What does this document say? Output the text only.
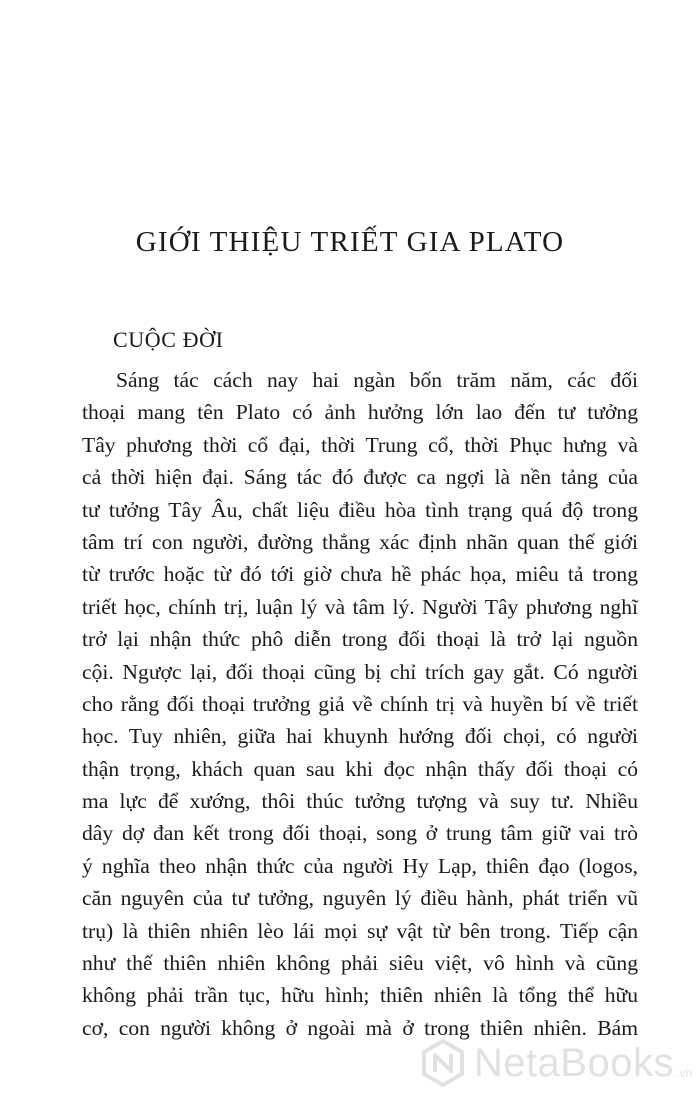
GIỚI THIỆU TRIẾT GIA PLATO
CUỘC ĐỜI
Sáng tác cách nay hai ngàn bốn trăm năm, các đối
thoại mang tên Plato có ảnh hưởng lớn lao đến tư tưởng
Tây phương thời cổ đại, thời Trung cổ, thời Phục hưng và
cả thời hiện đại. Sáng tác đó được ca ngợi là nền tảng của
tư tưởng Tây Âu, chất liệu điều hòa tình trạng quá độ trong
tâm trí con người, đường thẳng xác định nhãn quan thế giới
từ trước hoặc từ đó tới giờ chưa hề phác họa, miêu tả trong
triết học, chính trị, luận lý và tâm lý. Người Tây phương nghĩ
trở lại nhận thức phô diễn trong đối thoại là trở lại nguồn
cội. Ngược lại, đối thoại cũng bị chỉ trích gay gắt. Có người
cho rằng đối thoại trưởng giả về chính trị và huyền bí về triết
học. Tuy nhiên, giữa hai khuynh hướng đối chọi, có người
thận trọng, khách quan sau khi đọc nhận thấy đối thoại có
ma lực để xướng, thôi thúc tưởng tượng và suy tư. Nhiều
dây dợ đan kết trong đối thoại, song ở trung tâm giữ vai trò
ý nghĩa theo nhận thức của người Hy Lạp, thiên đạo (logos,
căn nguyên của tư tưởng, nguyên lý điều hành, phát triển vũ
trụ) là thiên nhiên lèo lái mọi sự vật từ bên trong. Tiếp cận
như thế thiên nhiên không phải siêu việt, vô hình và cũng
không phải trần tục, hữu hình; thiên nhiên là tổng thể hữu
cơ, con người không ở ngoài mà ở trong thiên nhiên. Bám
NetaBooks .vn
